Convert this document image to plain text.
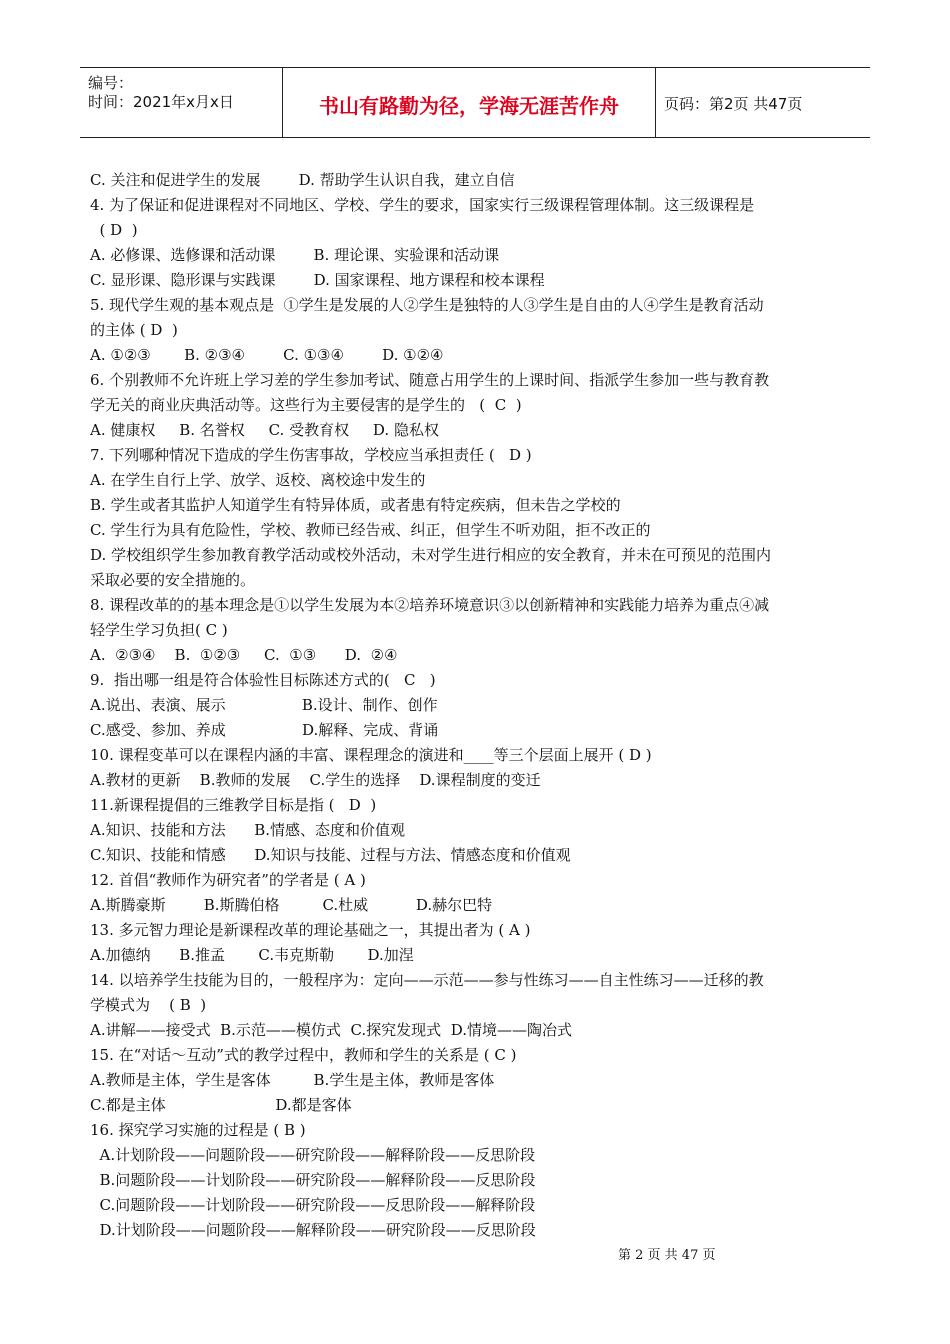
编号：
时间：2021年x月x日	书山有路勤为径，学海无涯苦作舟	页码：第2页 共47页
C. 关注和促进学生的发展        D. 帮助学生认识自我，建立自信
4. 为了保证和促进课程对不同地区、学校、学生的要求，国家实行三级课程管理体制。这三级课程是
( D  )
A. 必修课、选修课和活动课        B. 理论课、实验课和活动课
C. 显形课、隐形课与实践课        D. 国家课程、地方课程和校本课程
5. 现代学生观的基本观点是  ①学生是发展的人②学生是独特的人③学生是自由的人④学生是教育活动
的主体 ( D  )
A. ①②③       B. ②③④        C. ①③④        D. ①②④
6. 个别教师不允许班上学习差的学生参加考试、随意占用学生的上课时间、指派学生参加一些与教育教
学无关的商业庆典活动等。这些行为主要侵害的是学生的   (  C  )
A. 健康权     B. 名誉权     C. 受教育权     D. 隐私权
7. 下列哪种情况下造成的学生伤害事故，学校应当承担责任 (   D )
A. 在学生自行上学、放学、返校、离校途中发生的
B. 学生或者其监护人知道学生有特异体质，或者患有特定疾病，但未告之学校的
C. 学生行为具有危险性，学校、教师已经告戒、纠正，但学生不听劝阻，拒不改正的
D. 学校组织学生参加教育教学活动或校外活动，未对学生进行相应的安全教育，并未在可预见的范围内
采取必要的安全措施的。
8. 课程改革的的基本理念是①以学生发展为本②培养环境意识③以创新精神和实践能力培养为重点④减
轻学生学习负担( C )
A.  ②③④    B.  ①②③     C.  ①③      D.  ②④
9.  指出哪一组是符合体验性目标陈述方式的(   C   )
A.说出、表演、展示                B.设计、制作、创作
C.感受、参加、养成                D.解释、完成、背诵
10. 课程变革可以在课程内涵的丰富、课程理念的演进和____等三个层面上展开 ( D )
A.教材的更新    B.教师的发展    C.学生的选择    D.课程制度的变迁
11.新课程提倡的三维教学目标是指 (   D  )
A.知识、技能和方法      B.情感、态度和价值观
C.知识、技能和情感      D.知识与技能、过程与方法、情感态度和价值观
12. 首倡“教师作为研究者”的学者是 ( A )
A.斯腾豪斯        B.斯腾伯格         C.杜威          D.赫尔巴特
13. 多元智力理论是新课程改革的理论基础之一，其提出者为 ( A )
A.加德纳      B.推孟       C.韦克斯勒       D.加涅
14. 以培养学生技能为目的，一般程序为：定向——示范——参与性练习——自主性练习——迁移的教
学模式为    ( B  )
A.讲解——接受式  B.示范——模仿式  C.探究发现式  D.情境——陶冶式
15. 在“对话～互动”式的教学过程中，教师和学生的关系是 ( C )
A.教师是主体，学生是客体         B.学生是主体，教师是客体
C.都是主体                       D.都是客体
16. 探究学习实施的过程是 ( B )
A.计划阶段——问题阶段——研究阶段——解释阶段——反思阶段
B.问题阶段——计划阶段——研究阶段——解释阶段——反思阶段
C.问题阶段——计划阶段——研究阶段——反思阶段——解释阶段
D.计划阶段——问题阶段——解释阶段——研究阶段——反思阶段
第 2 页 共 47 页
